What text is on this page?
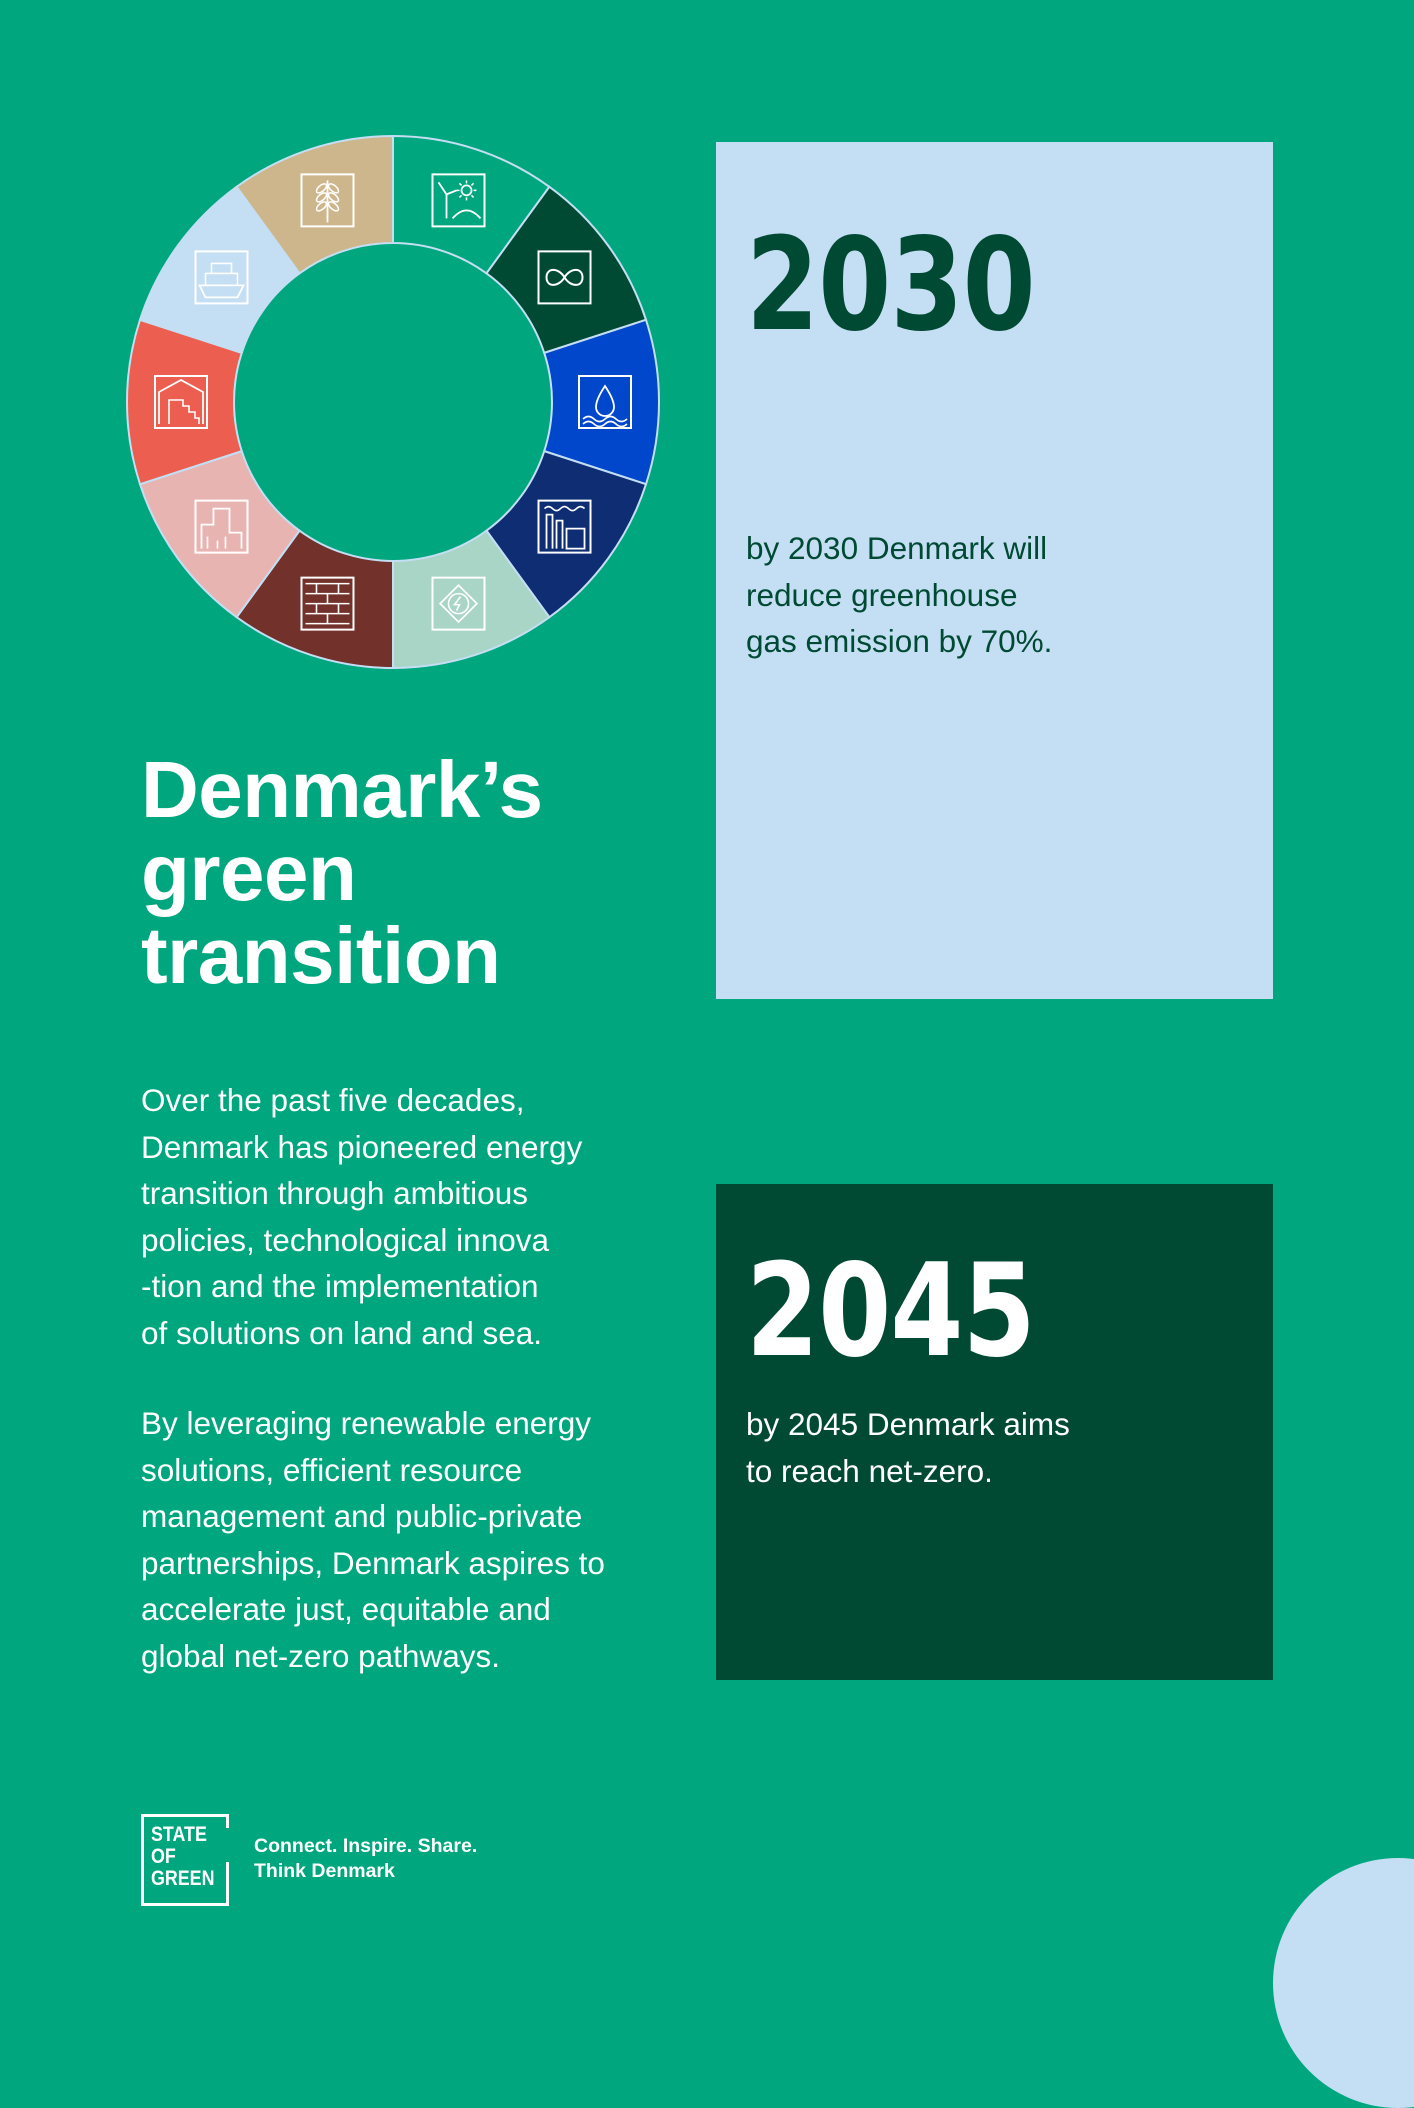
Denmark’s
green
transition

Over the past five decades,
Denmark has pioneered energy
transition through ambitious
policies, technological innova
-tion and the implementation
of solutions on land and sea.

By leveraging renewable energy
solutions, efficient resource
management and public-private
partnerships, Denmark aspires to
accelerate just, equitable and
global net-zero pathways.

2030

by 2030 Denmark will
reduce greenhouse
gas emission by 70%.

2045

by 2045 Denmark aims
to reach net-zero.

STATE
OF
GREEN

Connect. Inspire. Share.
Think Denmark
